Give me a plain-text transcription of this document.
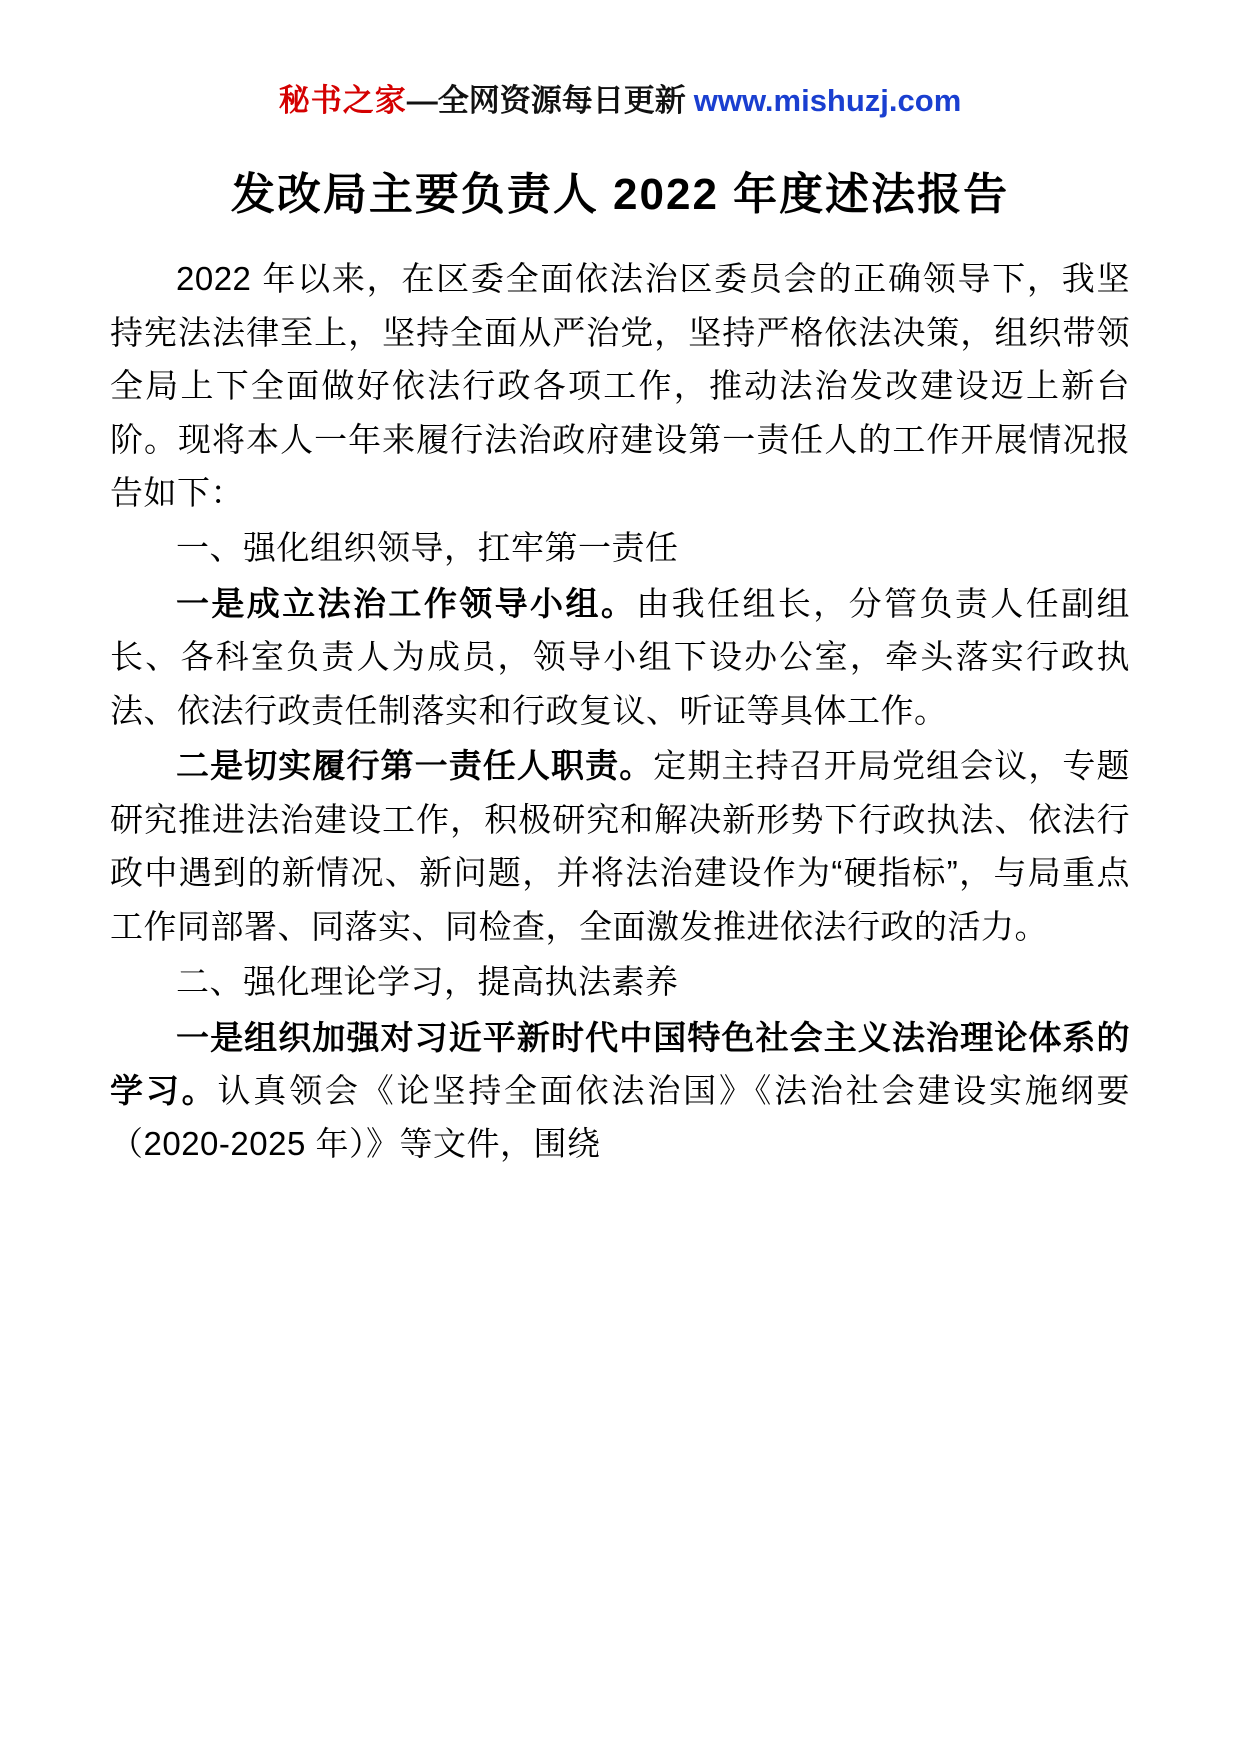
秘书之家—全网资源每日更新 www.mishuzj.com
发改局主要负责人 2022 年度述法报告

2022 年以来，在区委全面依法治区委员会的正确领导下，我坚持宪法法律至上，坚持全面从严治党，坚持严格依法决策，组织带领全局上下全面做好依法行政各项工作，推动法治发改建设迈上新台阶。现将本人一年来履行法治政府建设第一责任人的工作开展情况报告如下：

一、强化组织领导，扛牢第一责任

一是成立法治工作领导小组。由我任组长，分管负责人任副组长、各科室负责人为成员，领导小组下设办公室，牵头落实行政执法、依法行政责任制落实和行政复议、听证等具体工作。

二是切实履行第一责任人职责。定期主持召开局党组会议，专题研究推进法治建设工作，积极研究和解决新形势下行政执法、依法行政中遇到的新情况、新问题，并将法治建设作为“硬指标”，与局重点工作同部署、同落实、同检查，全面激发推进依法行政的活力。

二、强化理论学习，提高执法素养

一是组织加强对习近平新时代中国特色社会主义法治理论体系的学习。认真领会《论坚持全面依法治国》《法治社会建设实施纲要（2020‑2025 年）》等文件，围绕
